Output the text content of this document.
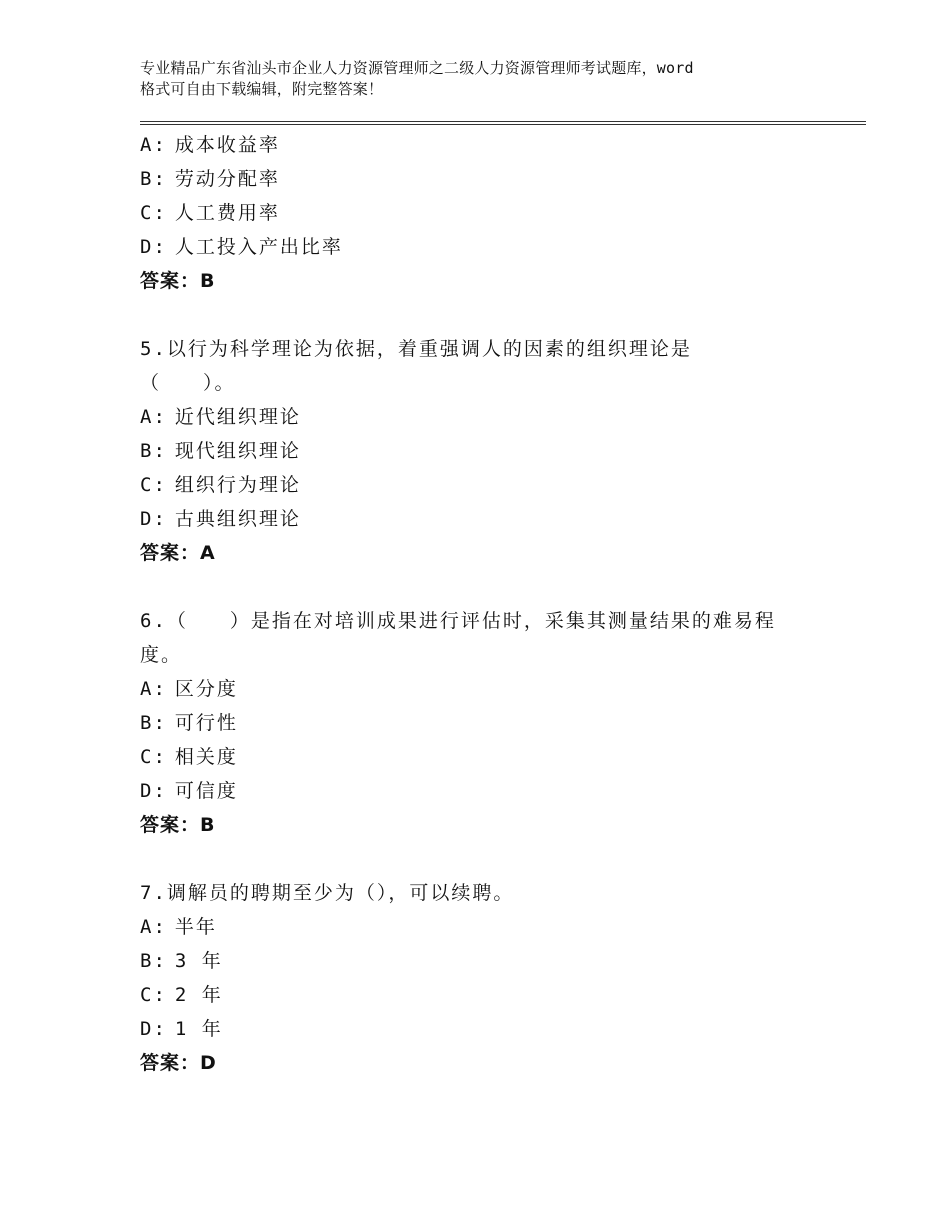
专业精品广东省汕头市企业人力资源管理师之二级人力资源管理师考试题库，word
格式可自由下载编辑，附完整答案！
A: 成本收益率
B: 劳动分配率
C: 人工费用率
D: 人工投入产出比率
答案：B
5.以行为科学理论为依据，着重强调人的因素的组织理论是
（　　）。
A: 近代组织理论
B: 现代组织理论
C: 组织行为理论
D: 古典组织理论
答案：A
6.（　　）是指在对培训成果进行评估时，采集其测量结果的难易程
度。
A: 区分度
B: 可行性
C: 相关度
D: 可信度
答案：B
7.调解员的聘期至少为（），可以续聘。
A: 半年
B: 3 年
C: 2 年
D: 1 年
答案：D
